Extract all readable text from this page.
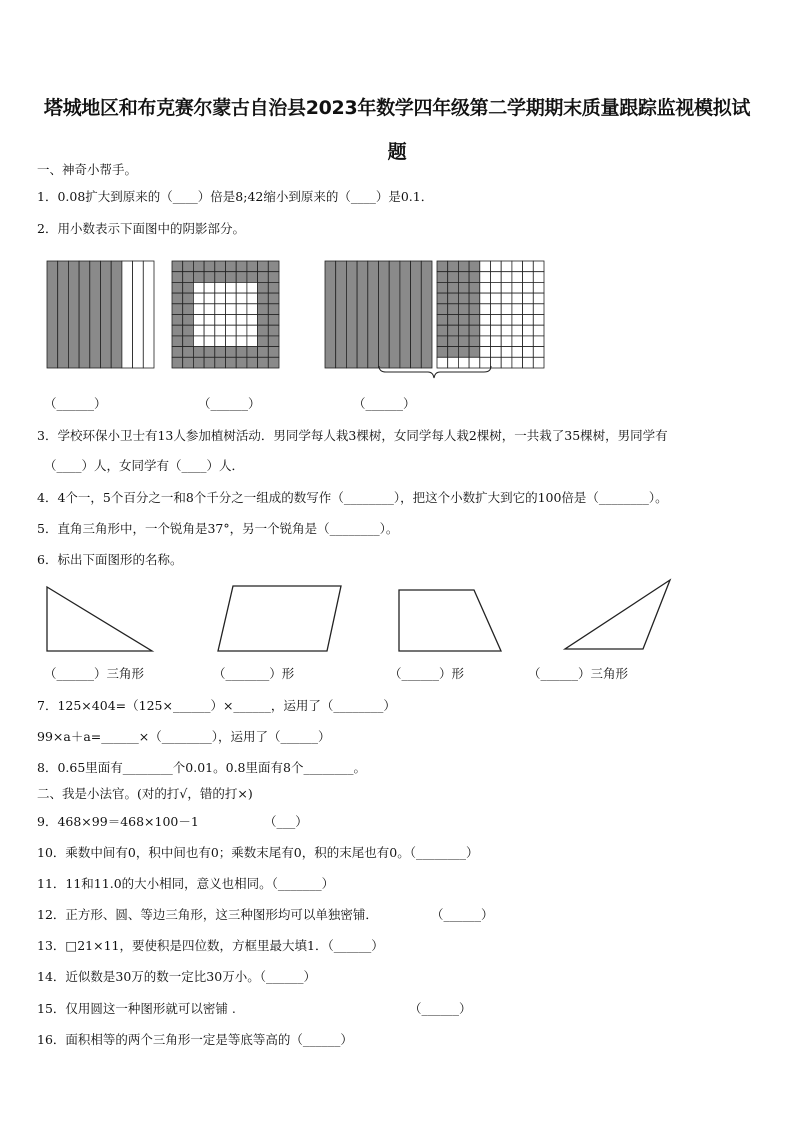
塔城地区和布克赛尔蒙古自治县2023年数学四年级第二学期期末质量跟踪监视模拟试题
一、神奇小帮手。
1．0.08扩大到原来的（____）倍是8;42缩小到原来的（____）是0.1．
2．用小数表示下面图中的阴影部分。
（______）	（______）	（______）
3．学校环保小卫士有13人参加植树活动．男同学每人栽3棵树，女同学每人栽2棵树，一共栽了35棵树，男同学有
（____）人，女同学有（____）人．
4．4个一，5个百分之一和8个千分之一组成的数写作（________），把这个小数扩大到它的100倍是（________）。
5．直角三角形中，一个锐角是37°，另一个锐角是（________）。
6．标出下面图形的名称。
（______）三角形	（_______）形	（______）形	（______）三角形
7．125×404=（125×______）×______，运用了（________）
99×a＋a=______×（________），运用了（______）
8．0.65里面有________个0.01。0.8里面有8个________。
二、我是小法官。(对的打√，错的打×)
9．468×99＝468×100－1	（___）
10．乘数中间有0，积中间也有0；乘数末尾有0，积的末尾也有0。（________）
11．11和11.0的大小相同，意义也相同。（_______）
12．正方形、圆、等边三角形，这三种图形均可以单独密铺．	（______）
13．□21×11，要使积是四位数，方框里最大填1．（______）
14．近似数是30万的数一定比30万小。（______）
15．仅用圆这一种图形就可以密铺 .	（______）
16．面积相等的两个三角形一定是等底等高的（______）
